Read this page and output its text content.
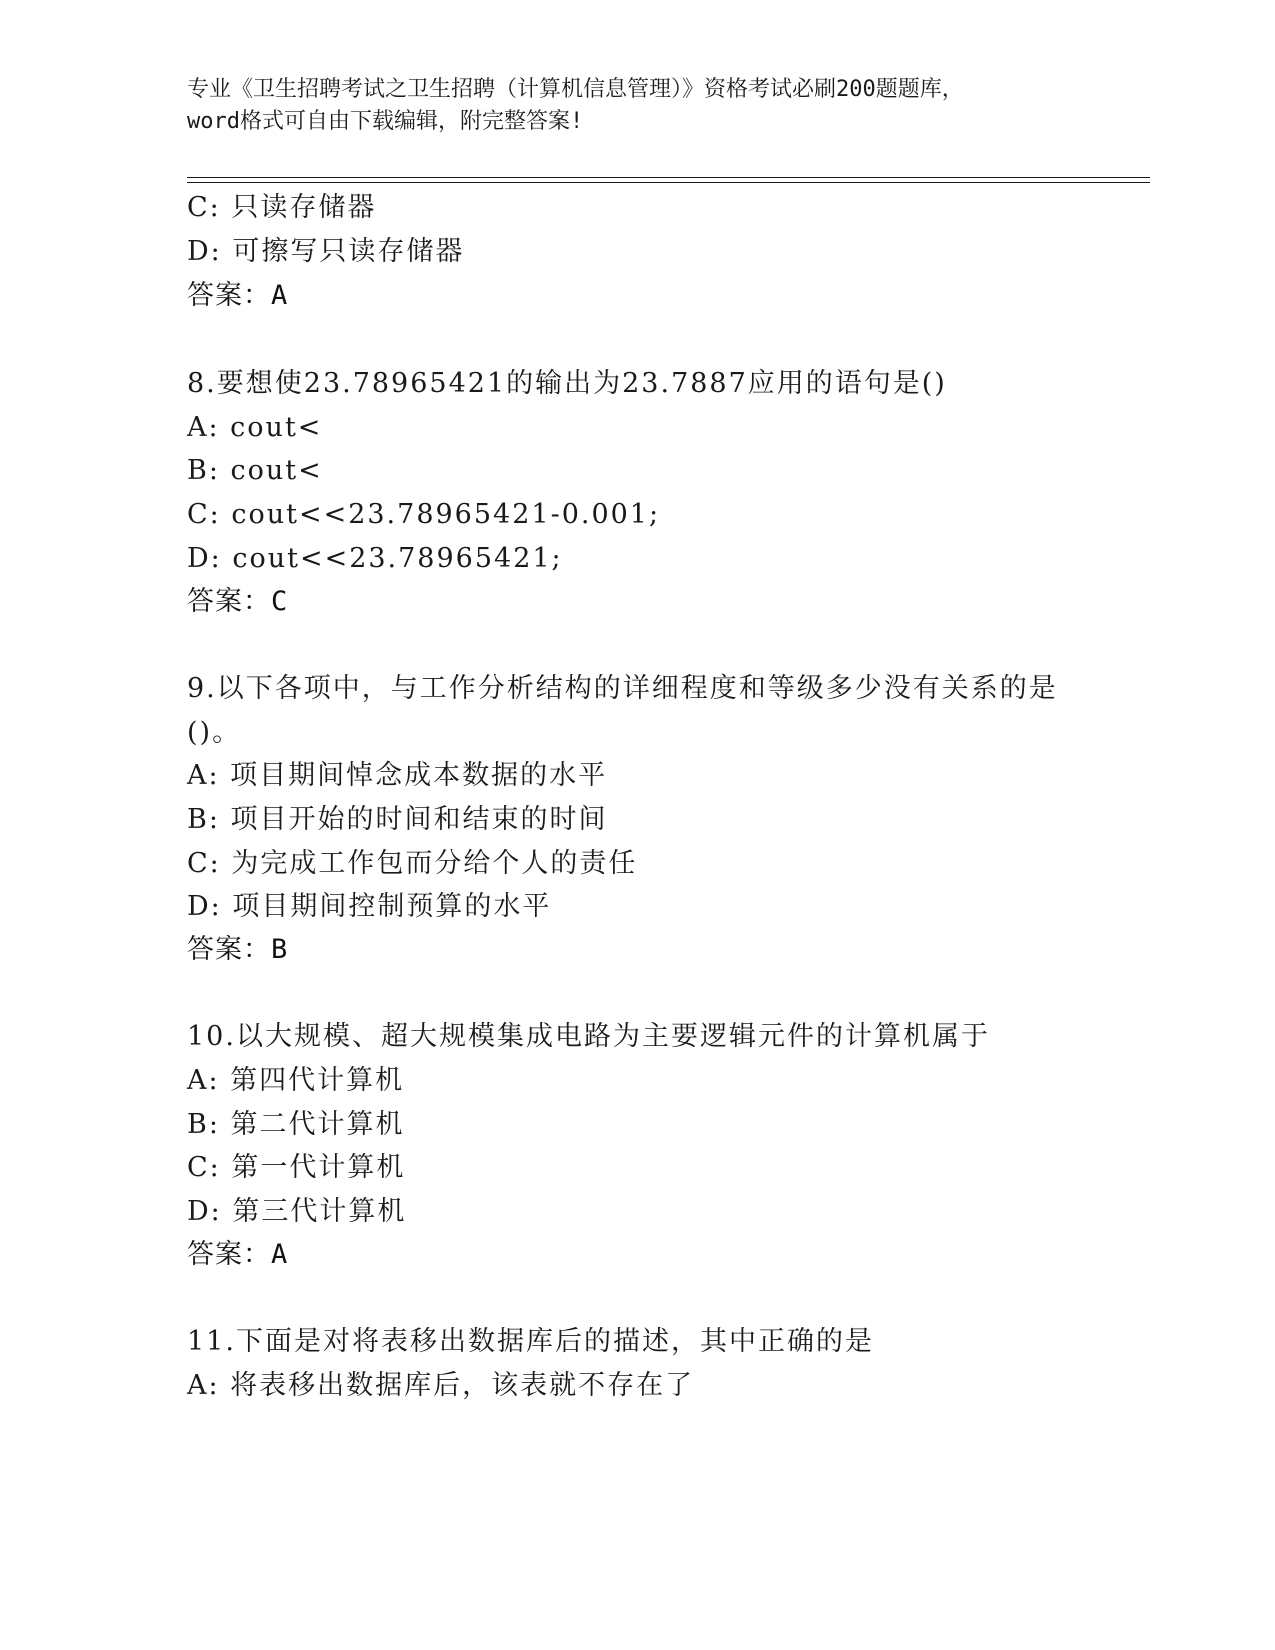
专业《卫生招聘考试之卫生招聘（计算机信息管理）》资格考试必刷200题题库，
word格式可自由下载编辑，附完整答案!
C: 只读存储器
D: 可擦写只读存储器
答案：A
8.要想使23.78965421的输出为23.7887应用的语句是()
A: cout<
B: cout<
C: cout<<23.78965421-0.001;
D: cout<<23.78965421;
答案：C
9.以下各项中，与工作分析结构的详细程度和等级多少没有关系的是
()。
A: 项目期间悼念成本数据的水平
B: 项目开始的时间和结束的时间
C: 为完成工作包而分给个人的责任
D: 项目期间控制预算的水平
答案：B
10.以大规模、超大规模集成电路为主要逻辑元件的计算机属于
A: 第四代计算机
B: 第二代计算机
C: 第一代计算机
D: 第三代计算机
答案：A
11.下面是对将表移出数据库后的描述，其中正确的是
A: 将表移出数据库后，该表就不存在了
